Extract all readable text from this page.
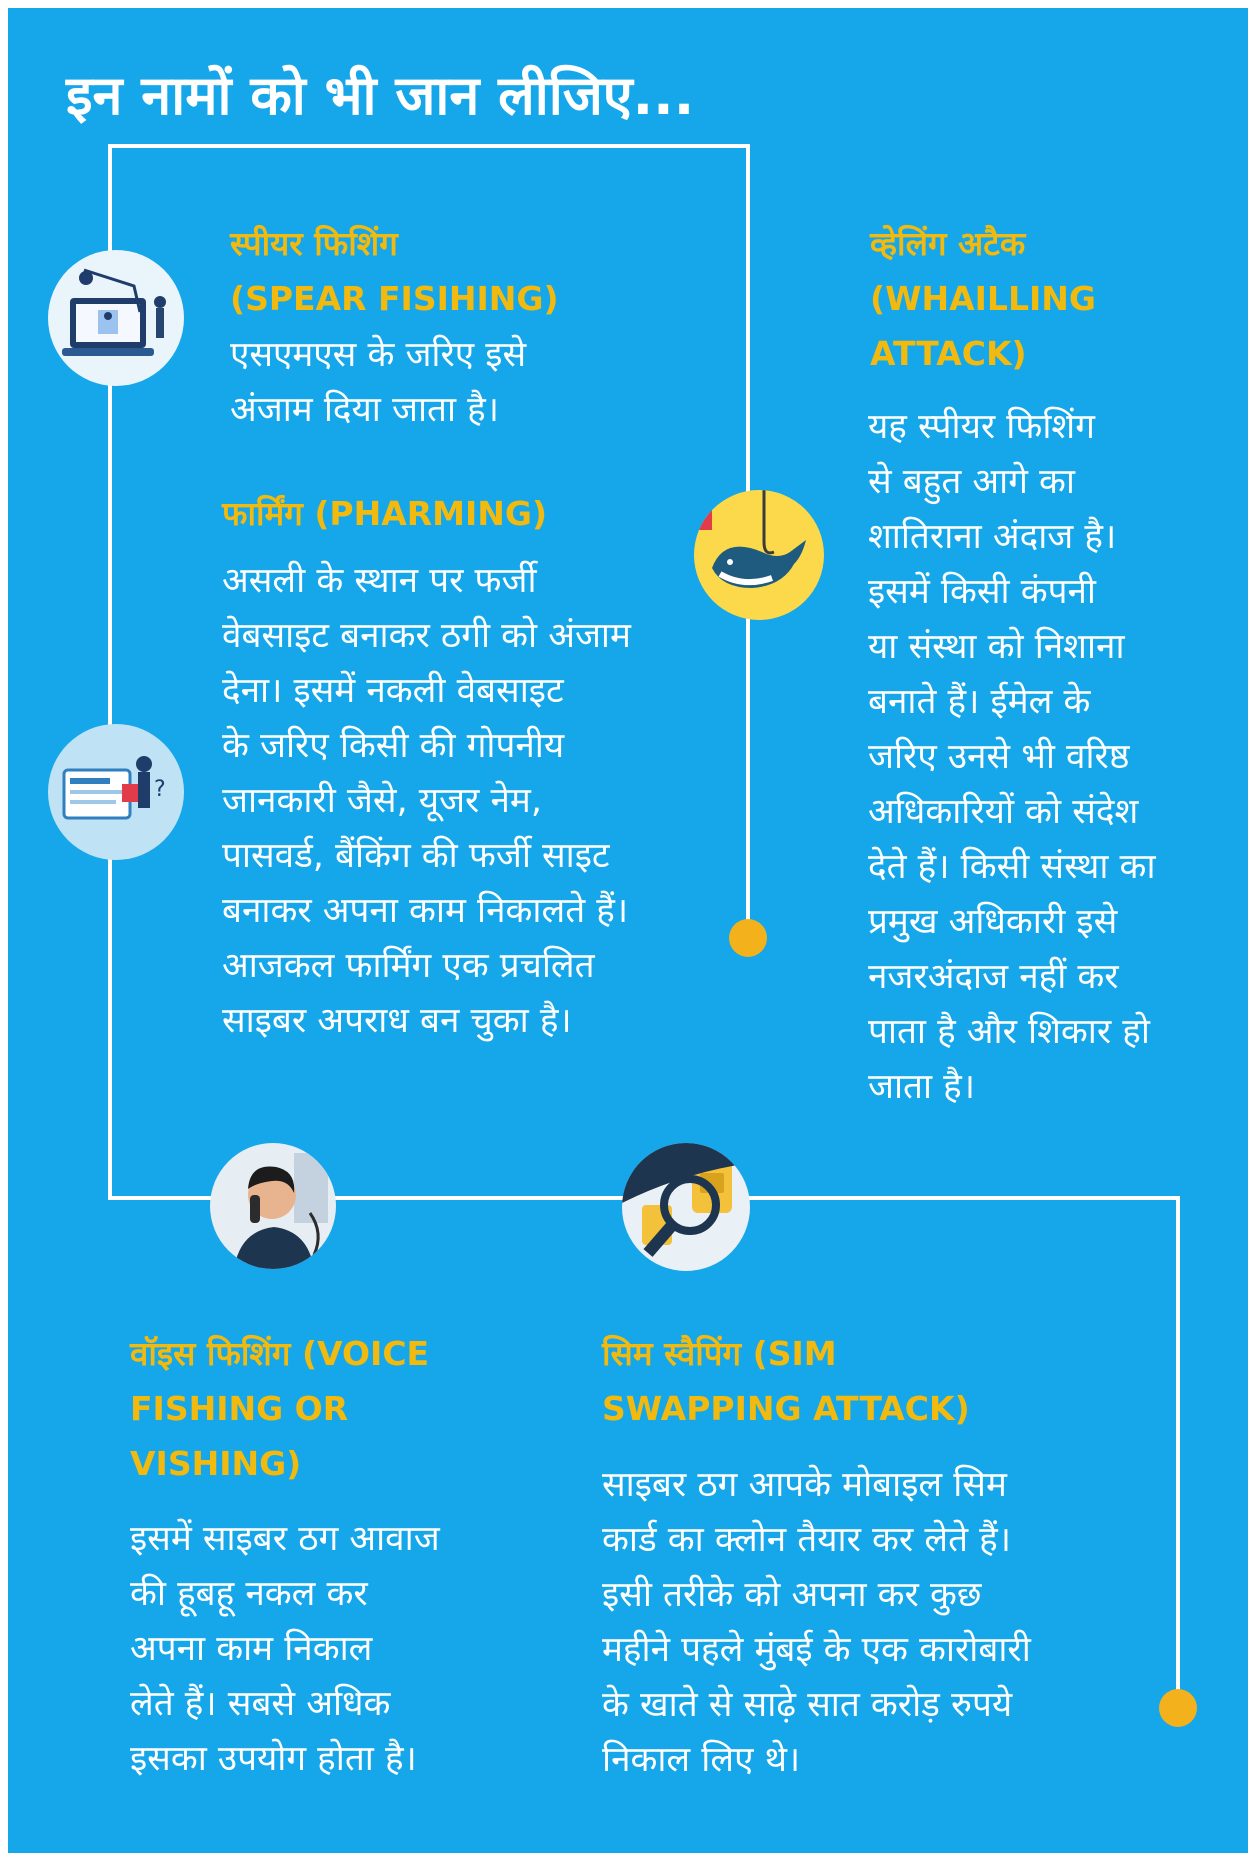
इन नामों को भी जान लीजिए...
स्पीयर फिशिंग
(SPEAR FISIHING)
एसएमएस के जरिए इसे
अंजाम दिया जाता है।
फार्मिंग (PHARMING)
असली के स्थान पर फर्जी
वेबसाइट बनाकर ठगी को अंजाम
देना। इसमें नकली वेबसाइट
के जरिए किसी की गोपनीय
जानकारी जैसे, यूजर नेम,
पासवर्ड, बैंकिंग की फर्जी साइट
बनाकर अपना काम निकालते हैं।
आजकल फार्मिंग एक प्रचलित
साइबर अपराध बन चुका है।
व्हेलिंग अटैक
(WHAILLING
ATTACK)
यह स्पीयर फिशिंग
से बहुत आगे का
शातिराना अंदाज है।
इसमें किसी कंपनी
या संस्था को निशाना
बनाते हैं। ईमेल के
जरिए उनसे भी वरिष्ठ
अधिकारियों को संदेश
देते हैं। किसी संस्था का
प्रमुख अधिकारी इसे
नजरअंदाज नहीं कर
पाता है और शिकार हो
जाता है।
वॉइस फिशिंग (VOICE
FISHING OR
VISHING)
इसमें साइबर ठग आवाज
की हूबहू नकल कर
अपना काम निकाल
लेते हैं। सबसे अधिक
इसका उपयोग होता है।
सिम स्वैपिंग (SIM
SWAPPING ATTACK)
साइबर ठग आपके मोबाइल सिम
कार्ड का क्लोन तैयार कर लेते हैं।
इसी तरीके को अपना कर कुछ
महीने पहले मुंबई के एक कारोबारी
के खाते से साढ़े सात करोड़ रुपये
निकाल लिए थे।
?
